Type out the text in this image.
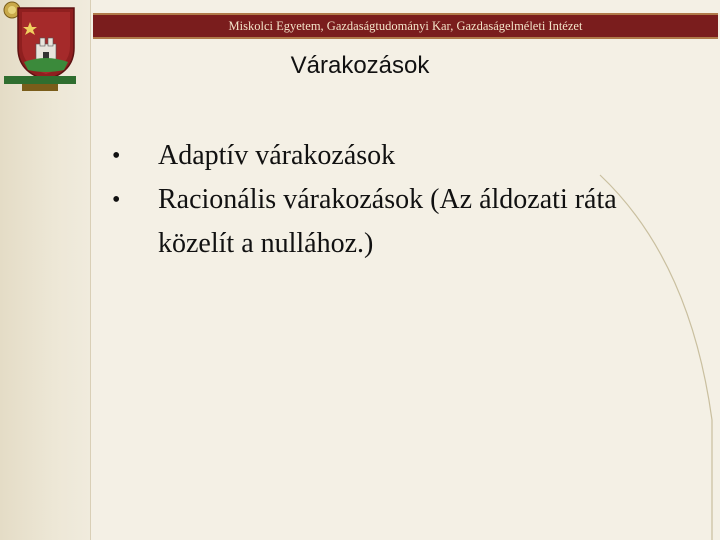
Miskolci Egyetem, Gazdaságtudományi Kar, Gazdaságelméleti Intézet
Várakozások
• Adaptív várakozások
• Racionális várakozások (Az áldozati ráta közelít a nullához.)
